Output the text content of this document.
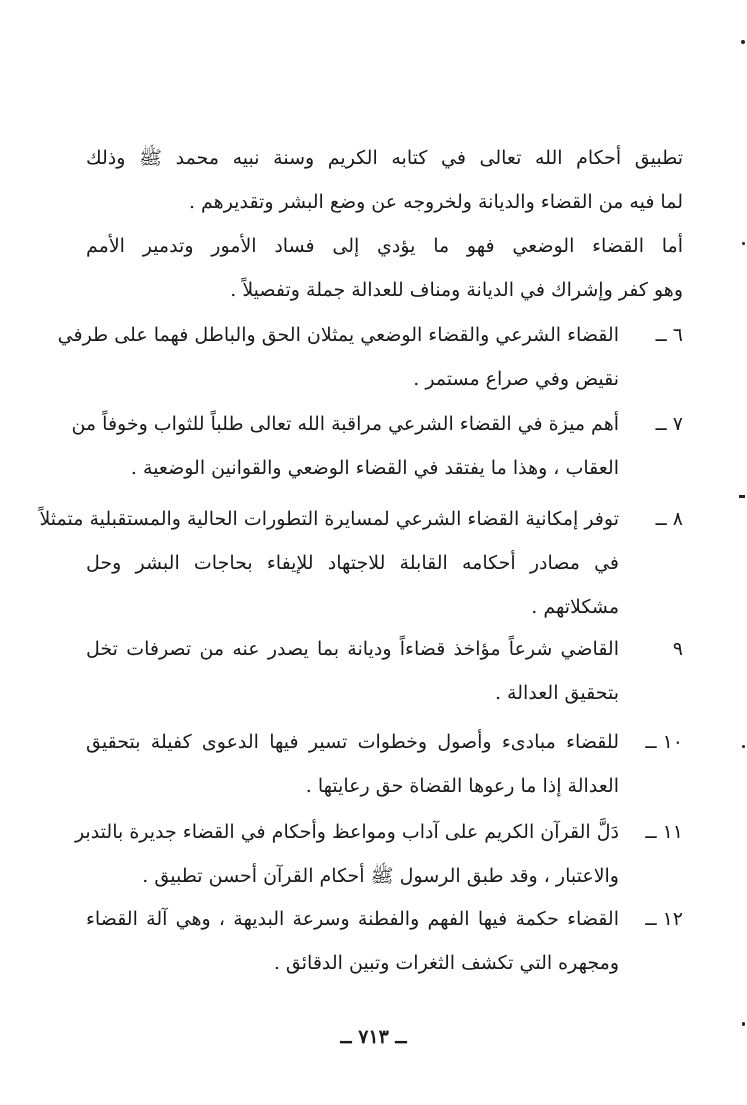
تطبيق أحكام الله تعالى في كتابه الكريم وسنة نبيه محمد ﷺ وذلك
لما فيه من القضاء والديانة ولخروجه عن وضع البشر وتقديرهم .
أما القضاء الوضعي فهو ما يؤدي إلى فساد الأمور وتدمير الأمم
وهو كفر وإشراك في الديانة ومناف للعدالة جملة وتفصيلاً .
٦ ــ
القضاء الشرعي والقضاء الوضعي يمثلان الحق والباطل فهما على طرفي
نقيض وفي صراع مستمر .
٧ ــ
أهم ميزة في القضاء الشرعي مراقبة الله تعالى طلباً للثواب وخوفاً من
العقاب ، وهذا ما يفتقد في القضاء الوضعي والقوانين الوضعية .
٨ ــ
توفر إمكانية القضاء الشرعي لمسايرة التطورات الحالية والمستقبلية متمثلاً
في مصادر أحكامه القابلة للاجتهاد للإيفاء بحاجات البشر وحل
مشكلاتهم .
٩
القاضي شرعاً مؤاخذ قضاءاً وديانة بما يصدر عنه من تصرفات تخل
بتحقيق العدالة .
١٠ ــ
للقضاء مبادىء وأصول وخطوات تسير فيها الدعوى كفيلة بتحقيق
العدالة إذا ما رعوها القضاة حق رعايتها .
١١ ــ
دَلَّ القرآن الكريم على آداب ومواعظ وأحكام في القضاء جديرة بالتدبر
والاعتبار ، وقد طبق الرسول ﷺ أحكام القرآن أحسن تطبيق .
١٢ ــ
القضاء حكمة فيها الفهم والفطنة وسرعة البديهة ، وهي آلة القضاء
ومجهره التي تكشف الثغرات وتبين الدقائق .
ــ ٧١٣ ــ
